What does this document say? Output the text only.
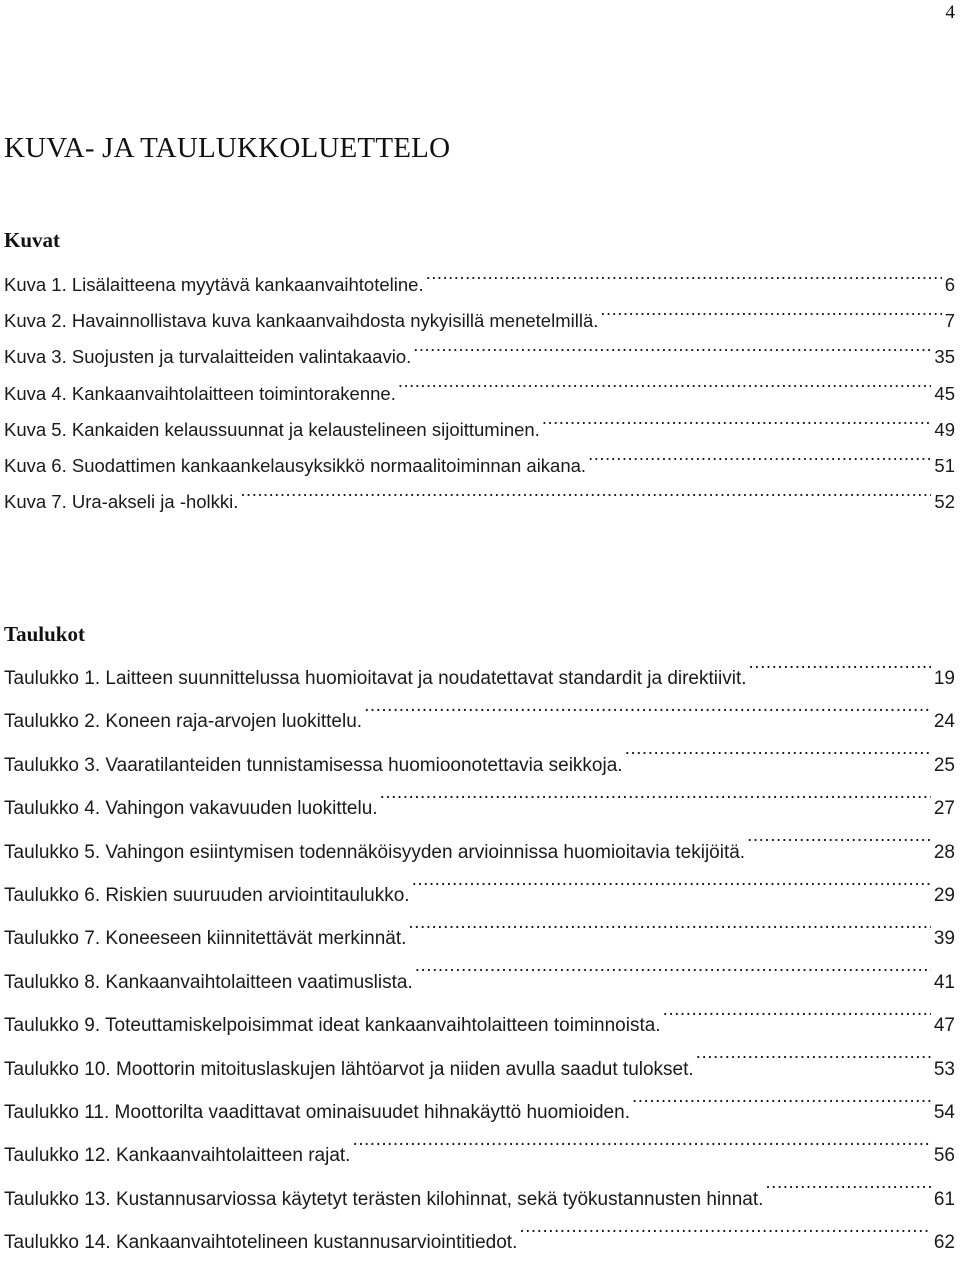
4
KUVA- JA TAULUKKOLUETTELO
Kuvat
Kuva 1. Lisälaitteena myytävä kankaanvaihtoteline. .....	6
Kuva 2. Havainnollistava kuva kankaanvaihdosta nykyisillä menetelmillä. .....	7
Kuva 3. Suojusten ja turvalaitteiden valintakaavio. .....	35
Kuva 4. Kankaanvaihtolaitteen toimintorakenne. .....	45
Kuva 5. Kankaiden kelaussuunnat ja kelaustelineen sijoittuminen. .....	49
Kuva 6. Suodattimen kankaankelausyksikkö normaalitoiminnan aikana. .....	51
Kuva 7. Ura-akseli ja -holkki. .....	52
Taulukot
Taulukko 1. Laitteen suunnittelussa huomioitavat ja noudatettavat standardit ja direktiivit. .....	19
Taulukko 2. Koneen raja-arvojen luokittelu. .....	24
Taulukko 3. Vaaratilanteiden tunnistamisessa huomioonotettavia seikkoja. .....	25
Taulukko 4. Vahingon vakavuuden luokittelu. .....	27
Taulukko 5. Vahingon esiintymisen todennäköisyyden arvioinnissa huomioitavia tekijöitä. .....	28
Taulukko 6. Riskien suuruuden arviointitaulukko. .....	29
Taulukko 7. Koneeseen kiinnitettävät merkinnät. .....	39
Taulukko 8. Kankaanvaihtolaitteen vaatimuslista. .....	41
Taulukko 9. Toteuttamiskelpoisimmat ideat kankaanvaihtolaitteen toiminnoista. .....	47
Taulukko 10. Moottorin mitoituslaskujen lähtöarvot ja niiden avulla saadut tulokset. .....	53
Taulukko 11. Moottorilta vaadittavat ominaisuudet hihnakäyttö huomioiden. .....	54
Taulukko 12. Kankaanvaihtolaitteen rajat. .....	56
Taulukko 13. Kustannusarviossa käytetyt terästen kilohinnat, sekä työkustannusten hinnat. .....	61
Taulukko 14. Kankaanvaihtotelineen kustannusarviointitiedot. .....	62
